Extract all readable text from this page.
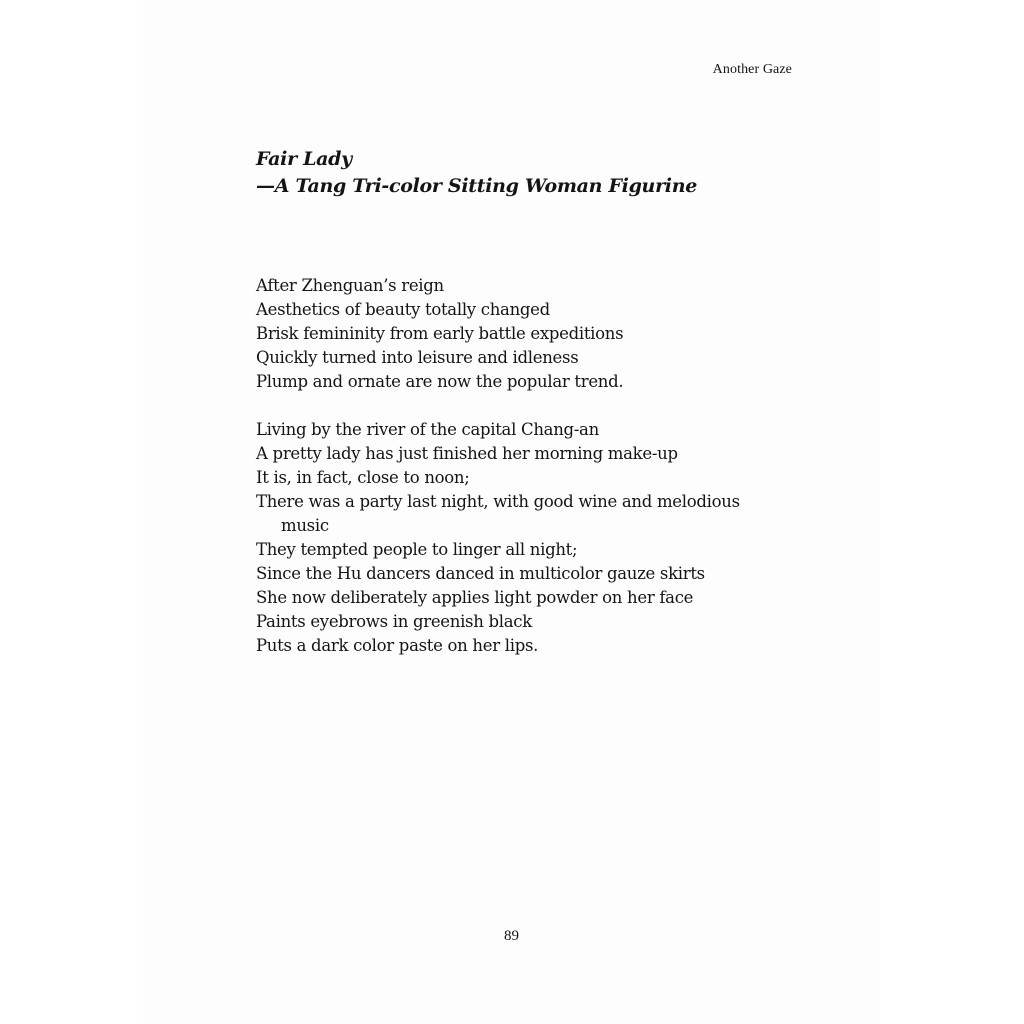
Another Gaze
Fair Lady
—A Tang Tri-color Sitting Woman Figurine
After Zhenguan’s reign
Aesthetics of beauty totally changed
Brisk femininity from early battle expeditions
Quickly turned into leisure and idleness
Plump and ornate are now the popular trend.
Living by the river of the capital Chang-an
A pretty lady has just finished her morning make-up
It is, in fact, close to noon;
There was a party last night, with good wine and melodious
music
They tempted people to linger all night;
Since the Hu dancers danced in multicolor gauze skirts
She now deliberately applies light powder on her face
Paints eyebrows in greenish black
Puts a dark color paste on her lips.
89
